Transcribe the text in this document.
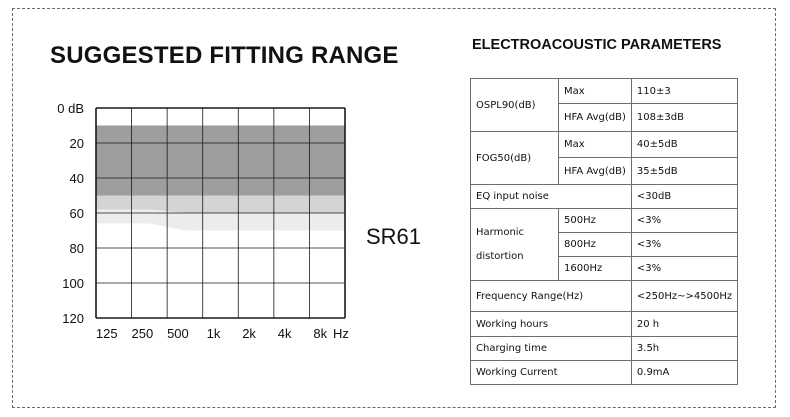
SUGGESTED FITTING RANGE	ELECTROACOUSTIC PARAMETERS
SR61
0 dB
20
40
60
80
100
120
125 250 500 1k 2k 4k 8k Hz
OSPL90(dB)	Max	110±3
	HFA Avg(dB)	108±3dB
FOG50(dB)	Max	40±5dB
	HFA Avg(dB)	35±5dB
EQ input noise		<30dB
Harmonic
distortion	500Hz	<3%
	800Hz	<3%
	1600Hz	<3%
Frequency Range(Hz)		<250Hz~>4500Hz
Working hours		20 h
Charging time		3.5h
Working Current		0.9mA
